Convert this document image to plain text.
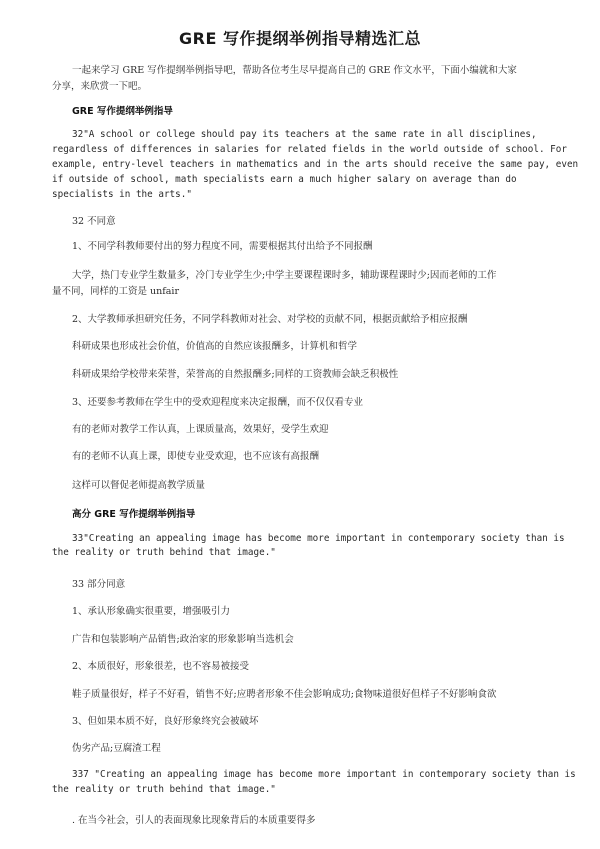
GRE 写作提纲举例指导精选汇总
一起来学习 GRE 写作提纲举例指导吧，帮助各位考生尽早提高自己的 GRE 作文水平，下面小编就和大家
分享，来欣赏一下吧。
GRE 写作提纲举例指导
32"A school or college should pay its teachers at the same rate in all disciplines,
regardless of differences in salaries for related fields in the world outside of school. For
example, entry-level teachers in mathematics and in the arts should receive the same pay, even
if outside of school, math specialists earn a much higher salary on average than do
specialists in the arts."
32 不同意
1、不同学科教师要付出的努力程度不同，需要根据其付出给予不同报酬
大学，热门专业学生数量多，冷门专业学生少;中学主要课程课时多，辅助课程课时少;因而老师的工作
量不同，同样的工资是 unfair
2、大学教师承担研究任务，不同学科教师对社会、对学校的贡献不同，根据贡献给予相应报酬
科研成果也形成社会价值，价值高的自然应该报酬多，计算机和哲学
科研成果给学校带来荣誉，荣誉高的自然报酬多;同样的工资教师会缺乏积极性
3、还要参考教师在学生中的受欢迎程度来决定报酬，而不仅仅看专业
有的老师对教学工作认真，上课质量高，效果好，受学生欢迎
有的老师不认真上课，即使专业受欢迎，也不应该有高报酬
这样可以督促老师提高教学质量
高分 GRE 写作提纲举例指导
33"Creating an appealing image has become more important in contemporary society than is
the reality or truth behind that image."
33 部分同意
1、承认形象确实很重要，增强吸引力
广告和包装影响产品销售;政治家的形象影响当选机会
2、本质很好，形象很差，也不容易被接受
鞋子质量很好，样子不好看，销售不好;应聘者形象不佳会影响成功;食物味道很好但样子不好影响食欲
3、但如果本质不好，良好形象终究会被破坏
伪劣产品;豆腐渣工程
337 "Creating an appealing image has become more important in contemporary society than is
the reality or truth behind that image."
. 在当今社会，引人的表面现象比现象背后的本质重要得多
